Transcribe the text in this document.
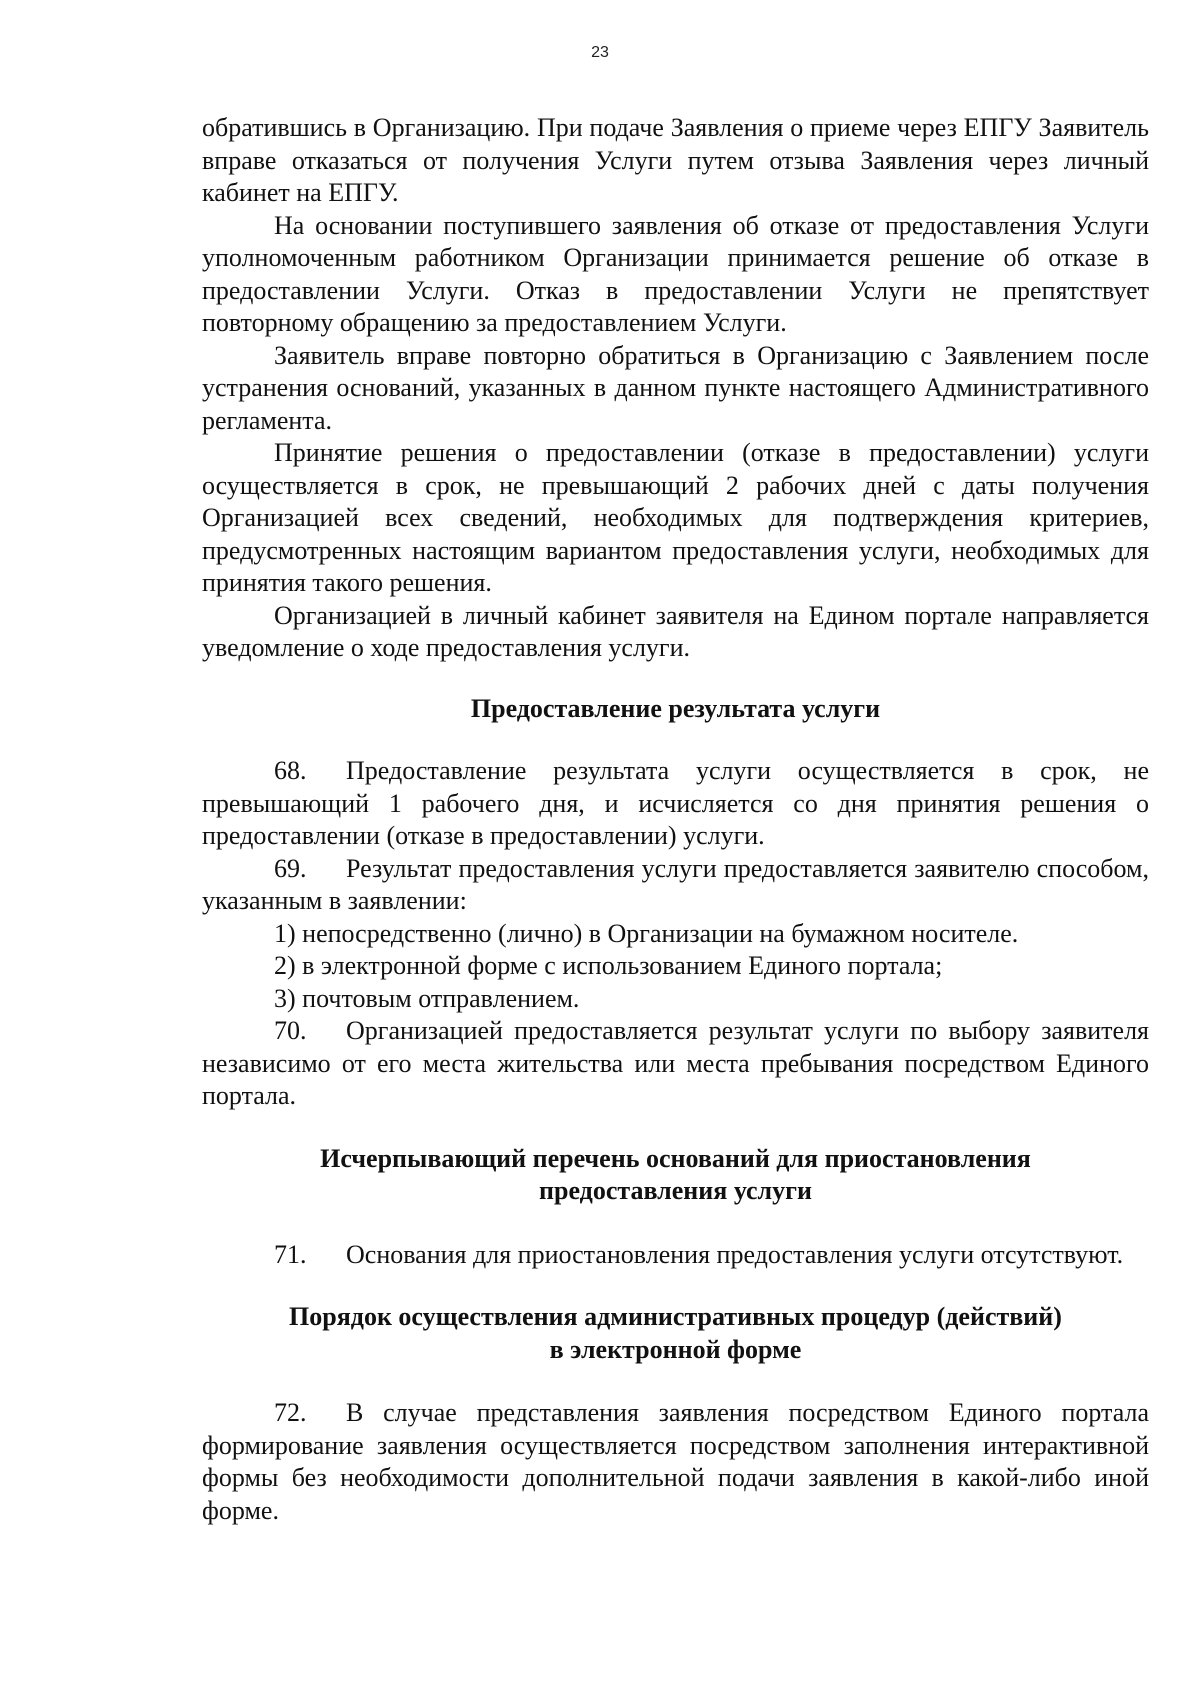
23

обратившись в Организацию. При подаче Заявления о приеме через ЕПГУ Заявитель вправе отказаться от получения Услуги путем отзыва Заявления через личный кабинет на ЕПГУ.

На основании поступившего заявления об отказе от предоставления Услуги уполномоченным работником Организации принимается решение об отказе в предоставлении Услуги. Отказ в предоставлении Услуги не препятствует повторному обращению за предоставлением Услуги.

Заявитель вправе повторно обратиться в Организацию с Заявлением после устранения оснований, указанных в данном пункте настоящего Административного регламента.

Принятие решения о предоставлении (отказе в предоставлении) услуги осуществляется в срок, не превышающий 2 рабочих дней с даты получения Организацией всех сведений, необходимых для подтверждения критериев, предусмотренных настоящим вариантом предоставления услуги, необходимых для принятия такого решения.

Организацией в личный кабинет заявителя на Едином портале направляется уведомление о ходе предоставления услуги.

Предоставление результата услуги

68. Предоставление результата услуги осуществляется в срок, не превышающий 1 рабочего дня, и исчисляется со дня принятия решения о предоставлении (отказе в предоставлении) услуги.

69. Результат предоставления услуги предоставляется заявителю способом, указанным в заявлении:

1) непосредственно (лично) в Организации на бумажном носителе.

2) в электронной форме с использованием Единого портала;

3) почтовым отправлением.

70. Организацией предоставляется результат услуги по выбору заявителя независимо от его места жительства или места пребывания посредством Единого портала.

Исчерпывающий перечень оснований для приостановления
предоставления услуги

71. Основания для приостановления предоставления услуги отсутствуют.

Порядок осуществления административных процедур (действий)
в электронной форме

72. В случае представления заявления посредством Единого портала формирование заявления осуществляется посредством заполнения интерактивной формы без необходимости дополнительной подачи заявления в какой-либо иной форме.
